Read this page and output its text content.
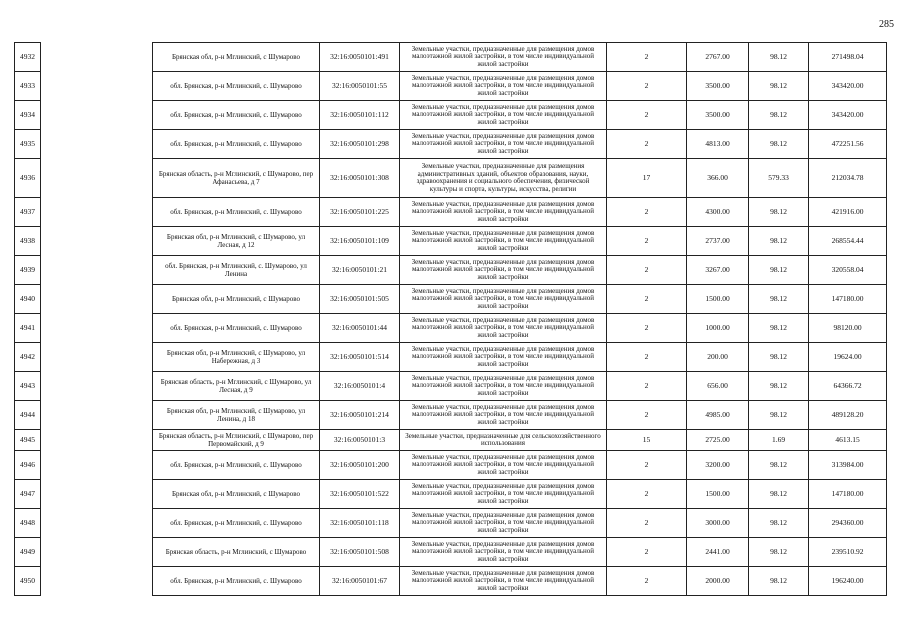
285
4932		Брянская обл, р-н Мглинский, с Шумарово	32:16:0050101:491	Земельные участки, предназначенные для размещения домов малоэтажной жилой застройки, в том числе индивидуальной жилой застройки	2	2767.00	98.12	271498.04
4933		обл. Брянская, р-н Мглинский, с. Шумарово	32:16:0050101:55	Земельные участки, предназначенные для размещения домов малоэтажной жилой застройки, в том числе индивидуальной жилой застройки	2	3500.00	98.12	343420.00
4934		обл. Брянская, р-н Мглинский, с. Шумарово	32:16:0050101:112	Земельные участки, предназначенные для размещения домов малоэтажной жилой застройки, в том числе индивидуальной жилой застройки	2	3500.00	98.12	343420.00
4935		обл. Брянская, р-н Мглинский, с. Шумарово	32:16:0050101:298	Земельные участки, предназначенные для размещения домов малоэтажной жилой застройки, в том числе индивидуальной жилой застройки	2	4813.00	98.12	472251.56
4936		Брянская область, р-н Мглинский, с Шумарово, пер Афанасьева, д 7	32:16:0050101:308	Земельные участки, предназначенные для размещения административных зданий, объектов образования, науки, здравоохранения и социального обеспечения, физической культуры и спорта, культуры, искусства, религии	17	366.00	579.33	212034.78
4937		обл. Брянская, р-н Мглинский, с. Шумарово	32:16:0050101:225	Земельные участки, предназначенные для размещения домов малоэтажной жилой застройки, в том числе индивидуальной жилой застройки	2	4300.00	98.12	421916.00
4938		Брянская обл, р-н Мглинский, с Шумарово, ул Лесная, д 12	32:16:0050101:109	Земельные участки, предназначенные для размещения домов малоэтажной жилой застройки, в том числе индивидуальной жилой застройки	2	2737.00	98.12	268554.44
4939		обл. Брянская, р-н Мглинский, с. Шумарово, ул Ленина	32:16:0050101:21	Земельные участки, предназначенные для размещения домов малоэтажной жилой застройки, в том числе индивидуальной жилой застройки	2	3267.00	98.12	320558.04
4940		Брянская обл, р-н Мглинский, с Шумарово	32:16:0050101:505	Земельные участки, предназначенные для размещения домов малоэтажной жилой застройки, в том числе индивидуальной жилой застройки	2	1500.00	98.12	147180.00
4941		обл. Брянская, р-н Мглинский, с. Шумарово	32:16:0050101:44	Земельные участки, предназначенные для размещения домов малоэтажной жилой застройки, в том числе индивидуальной жилой застройки	2	1000.00	98.12	98120.00
4942		Брянская обл, р-н Мглинский, с Шумарово, ул Набережная, д 3	32:16:0050101:514	Земельные участки, предназначенные для размещения домов малоэтажной жилой застройки, в том числе индивидуальной жилой застройки	2	200.00	98.12	19624.00
4943		Брянская область, р-н Мглинский, с Шумарово, ул Лесная, д 9	32:16:0050101:4	Земельные участки, предназначенные для размещения домов малоэтажной жилой застройки, в том числе индивидуальной жилой застройки	2	656.00	98.12	64366.72
4944		Брянская обл, р-н Мглинский, с Шумарово, ул Ленина, д 18	32:16:0050101:214	Земельные участки, предназначенные для размещения домов малоэтажной жилой застройки, в том числе индивидуальной жилой застройки	2	4985.00	98.12	489128.20
4945		Брянская область, р-н Мглинский, с Шумарово, пер Первомайский, д 9	32:16:0050101:3	Земельные участки, предназначенные для сельскохозяйственного использования	15	2725.00	1.69	4613.15
4946		обл. Брянская, р-н Мглинский, с. Шумарово	32:16:0050101:200	Земельные участки, предназначенные для размещения домов малоэтажной жилой застройки, в том числе индивидуальной жилой застройки	2	3200.00	98.12	313984.00
4947		Брянская обл, р-н Мглинский, с Шумарово	32:16:0050101:522	Земельные участки, предназначенные для размещения домов малоэтажной жилой застройки, в том числе индивидуальной жилой застройки	2	1500.00	98.12	147180.00
4948		обл. Брянская, р-н Мглинский, с. Шумарово	32:16:0050101:118	Земельные участки, предназначенные для размещения домов малоэтажной жилой застройки, в том числе индивидуальной жилой застройки	2	3000.00	98.12	294360.00
4949		Брянская область, р-н Мглинский, с Шумарово	32:16:0050101:508	Земельные участки, предназначенные для размещения домов малоэтажной жилой застройки, в том числе индивидуальной жилой застройки	2	2441.00	98.12	239510.92
4950		обл. Брянская, р-н Мглинский, с. Шумарово	32:16:0050101:67	Земельные участки, предназначенные для размещения домов малоэтажной жилой застройки, в том числе индивидуальной жилой застройки	2	2000.00	98.12	196240.00
